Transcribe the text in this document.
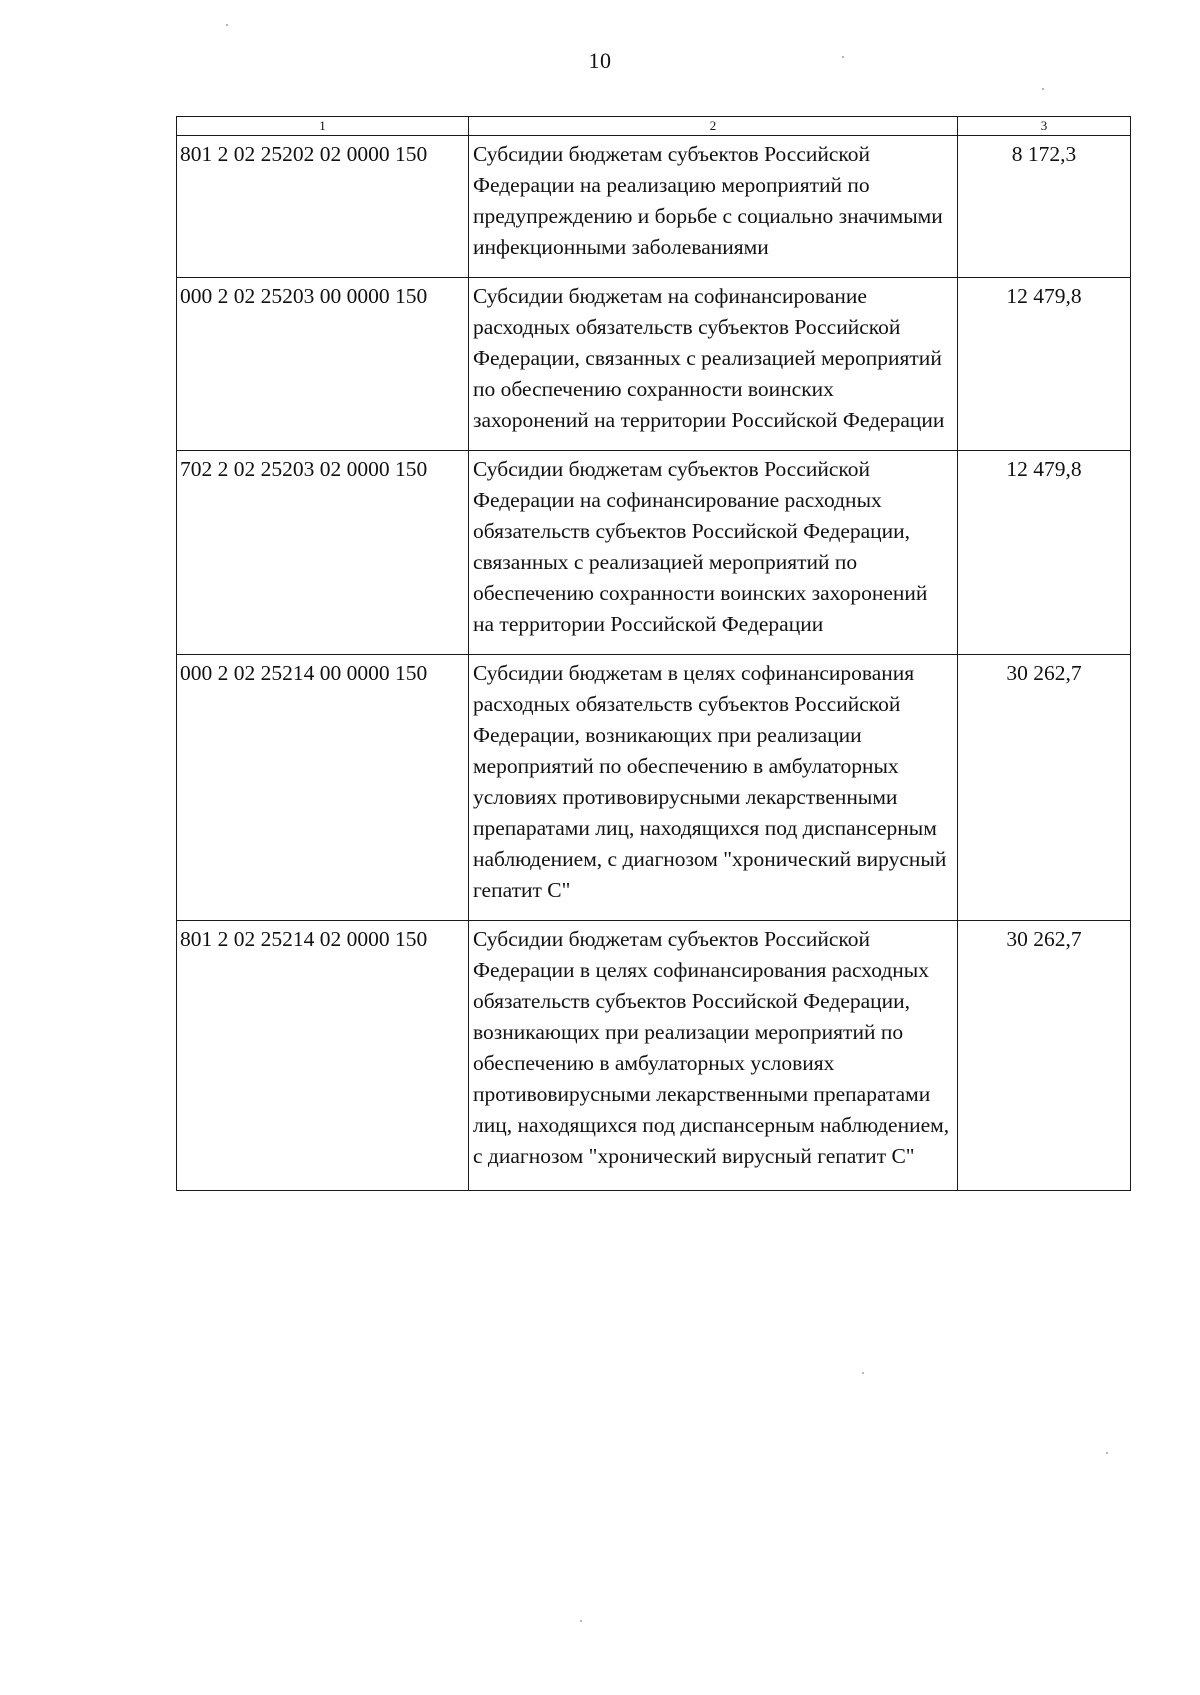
10
1	2	3
801 2 02 25202 02 0000 150	Субсидии бюджетам субъектов Российской Федерации на реализацию мероприятий по предупреждению и борьбе с социально значимыми инфекционными заболеваниями	8 172,3
000 2 02 25203 00 0000 150	Субсидии бюджетам на софинансирование расходных обязательств субъектов Российской Федерации, связанных с реализацией мероприятий по обеспечению сохранности воинских захоронений на территории Российской Федерации	12 479,8
702 2 02 25203 02 0000 150	Субсидии бюджетам субъектов Российской Федерации на софинансирование расходных обязательств субъектов Российской Федерации, связанных с реализацией мероприятий по обеспечению сохранности воинских захоронений на территории Российской Федерации	12 479,8
000 2 02 25214 00 0000 150	Субсидии бюджетам в целях софинансирования расходных обязательств субъектов Российской Федерации, возникающих при реализации мероприятий по обеспечению в амбулаторных условиях противовирусными лекарственными препаратами лиц, находящихся под диспансерным наблюдением, с диагнозом "хронический вирусный гепатит С"	30 262,7
801 2 02 25214 02 0000 150	Субсидии бюджетам субъектов Российской Федерации в целях софинансирования расходных обязательств субъектов Российской Федерации, возникающих при реализации мероприятий по обеспечению в амбулаторных условиях противовирусными лекарственными препаратами лиц, находящихся под диспансерным наблюдением, с диагнозом "хронический вирусный гепатит С"	30 262,7
